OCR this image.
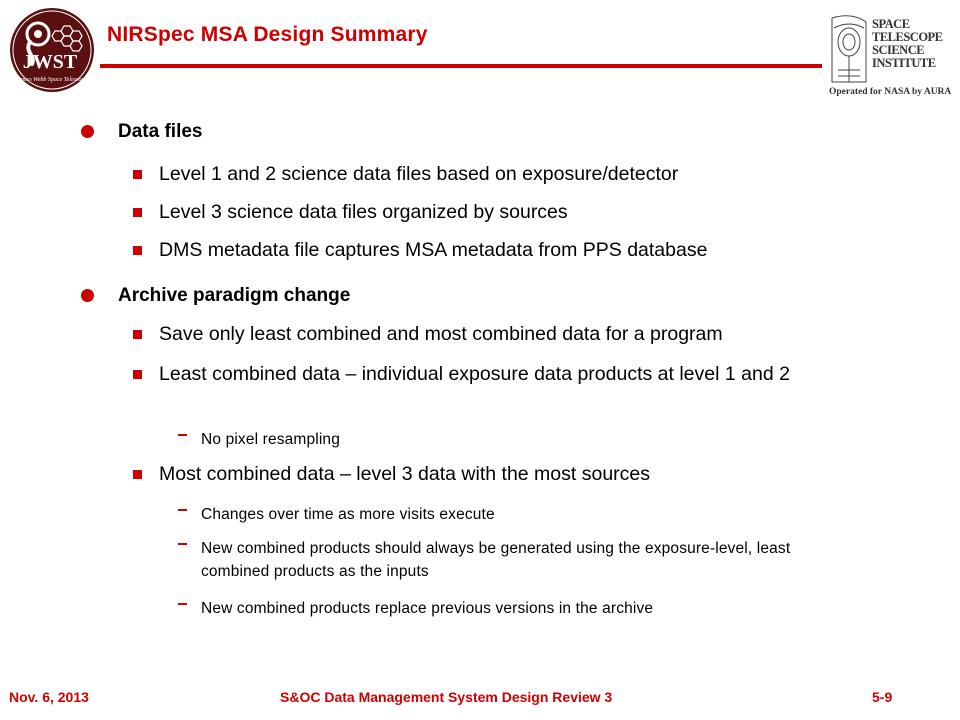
JWST
James Webb Space Telescope
NIRSpec MSA Design Summary	SPACE
TELESCOPE
SCIENCE
INSTITUTE
Operated for NASA by AURA
Data files
Level 1 and 2 science data files based on exposure/detector
Level 3 science data files organized by sources
DMS metadata file captures MSA metadata from PPS database
Archive paradigm change
Save only least combined and most combined data for a program
Least combined data – individual exposure data products at level 1 and 2
No pixel resampling
Most combined data – level 3 data with the most sources
Changes over time as more visits execute
New combined products should always be generated using the exposure-level, least combined products as the inputs
New combined products replace previous versions in the archive
Nov. 6, 2013	S&OC Data Management System Design Review 3	5-9
